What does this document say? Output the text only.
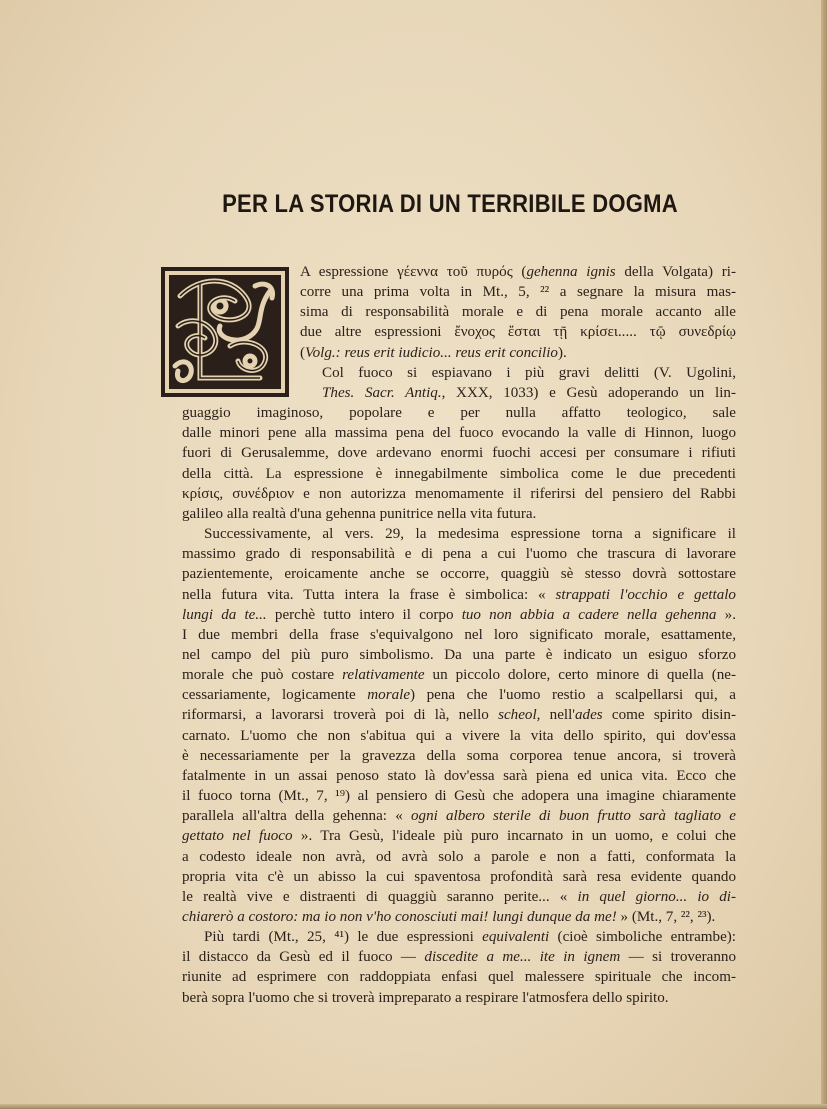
PER LA STORIA DI UN TERRIBILE DOGMA

A espressione γέεννα τοῦ πυρός (gehenna ignis della Volgata) ri-
corre una prima volta in Mt., 5, ²² a segnare la misura mas-
sima di responsabilità morale e di pena morale accanto alle
due altre espressioni ἔνοχος ἔσται τῇ κρίσει..... τῷ συνεδρίῳ
(Volg.: reus erit iudicio... reus erit concilio).

Col fuoco si espiavano i più gravi delitti (V. Ugolini,
Thes. Sacr. Antiq., XXX, 1033) e Gesù adoperando un lin-
guaggio imaginoso, popolare e per nulla affatto teologico, sale
dalle minori pene alla massima pena del fuoco evocando la valle di Hinnon, luogo
fuori di Gerusalemme, dove ardevano enormi fuochi accesi per consumare i rifiuti
della città. La espressione è innegabilmente simbolica come le due precedenti
κρίσις, συνέδριον e non autorizza menomamente il riferirsi del pensiero del Rabbi
galileo alla realtà d'una gehenna punitrice nella vita futura.

Successivamente, al vers. 29, la medesima espressione torna a significare il
massimo grado di responsabilità e di pena a cui l'uomo che trascura di lavorare
pazientemente, eroicamente anche se occorre, quaggiù sè stesso dovrà sottostare
nella futura vita. Tutta intera la frase è simbolica: « strappati l'occhio e gettalo
lungi da te... perchè tutto intero il corpo tuo non abbia a cadere nella gehenna ».
I due membri della frase s'equivalgono nel loro significato morale, esattamente,
nel campo del più puro simbolismo. Da una parte è indicato un esiguo sforzo
morale che può costare relativamente un piccolo dolore, certo minore di quella (ne-
cessariamente, logicamente morale) pena che l'uomo restio a scalpellarsi qui, a
riformarsi, a lavorarsi troverà poi di là, nello scheol, nell'ades come spirito disin-
carnato. L'uomo che non s'abitua qui a vivere la vita dello spirito, qui dov'essa
è necessariamente per la gravezza della soma corporea tenue ancora, si troverà
fatalmente in un assai penoso stato là dov'essa sarà piena ed unica vita. Ecco che
il fuoco torna (Mt., 7, ¹⁹) al pensiero di Gesù che adopera una imagine chiaramente
parallela all'altra della gehenna: « ogni albero sterile di buon frutto sarà tagliato e
gettato nel fuoco ». Tra Gesù, l'ideale più puro incarnato in un uomo, e colui che
a codesto ideale non avrà, od avrà solo a parole e non a fatti, conformata la
propria vita c'è un abisso la cui spaventosa profondità sarà resa evidente quando
le realtà vive e distraenti di quaggiù saranno perite... « in quel giorno... io di-
chiarerò a costoro: ma io non v'ho conosciuti mai! lungi dunque da me! » (Mt., 7, ²², ²³).

Più tardi (Mt., 25, ⁴¹) le due espressioni equivalenti (cioè simboliche entrambe):
il distacco da Gesù ed il fuoco — discedite a me... ite in ignem — si troveranno
riunite ad esprimere con raddoppiata enfasi quel malessere spirituale che incom-
berà sopra l'uomo che si troverà impreparato a respirare l'atmosfera dello spirito.
